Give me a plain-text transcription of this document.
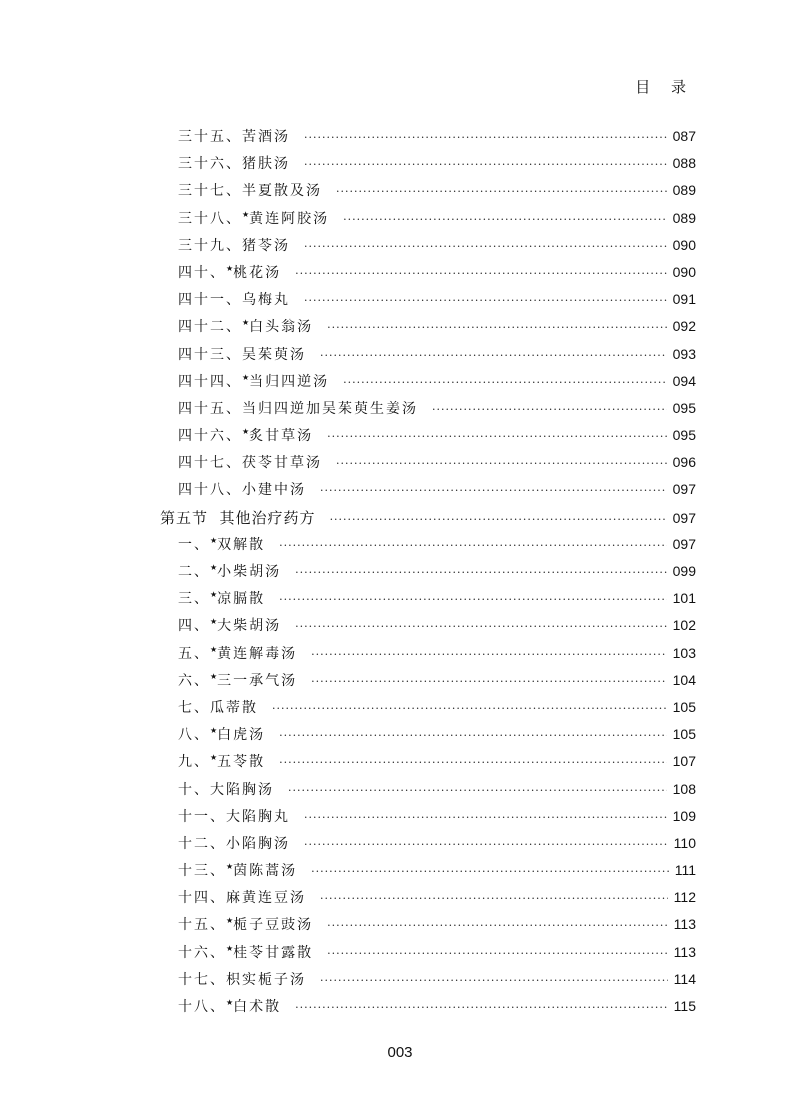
目 录
三十五、苦酒汤 ·····	087
三十六、猪肤汤 ·····	088
三十七、半夏散及汤 ·····	089
三十八、★黄连阿胶汤 ·····	089
三十九、猪苓汤 ·····	090
四十、★桃花汤 ·····	090
四十一、乌梅丸 ·····	091
四十二、★白头翁汤 ·····	092
四十三、吴茱萸汤 ·····	093
四十四、★当归四逆汤 ·····	094
四十五、当归四逆加吴茱萸生姜汤 ·····	095
四十六、★炙甘草汤 ·····	095
四十七、茯苓甘草汤 ·····	096
四十八、小建中汤 ·····	097
第五节  其他治疗药方 ·····	097
一、★双解散 ·····	097
二、★小柴胡汤 ·····	099
三、★凉膈散 ·····	101
四、★大柴胡汤 ·····	102
五、★黄连解毒汤 ·····	103
六、★三一承气汤 ·····	104
七、瓜蒂散 ·····	105
八、★白虎汤 ·····	105
九、★五苓散 ·····	107
十、大陷胸汤 ·····	108
十一、大陷胸丸 ·····	109
十二、小陷胸汤 ·····	110
十三、★茵陈蒿汤 ·····	111
十四、麻黄连豆汤 ·····	112
十五、★栀子豆豉汤 ·····	113
十六、★桂苓甘露散 ·····	113
十七、枳实栀子汤 ·····	114
十八、★白术散 ·····	115
003
